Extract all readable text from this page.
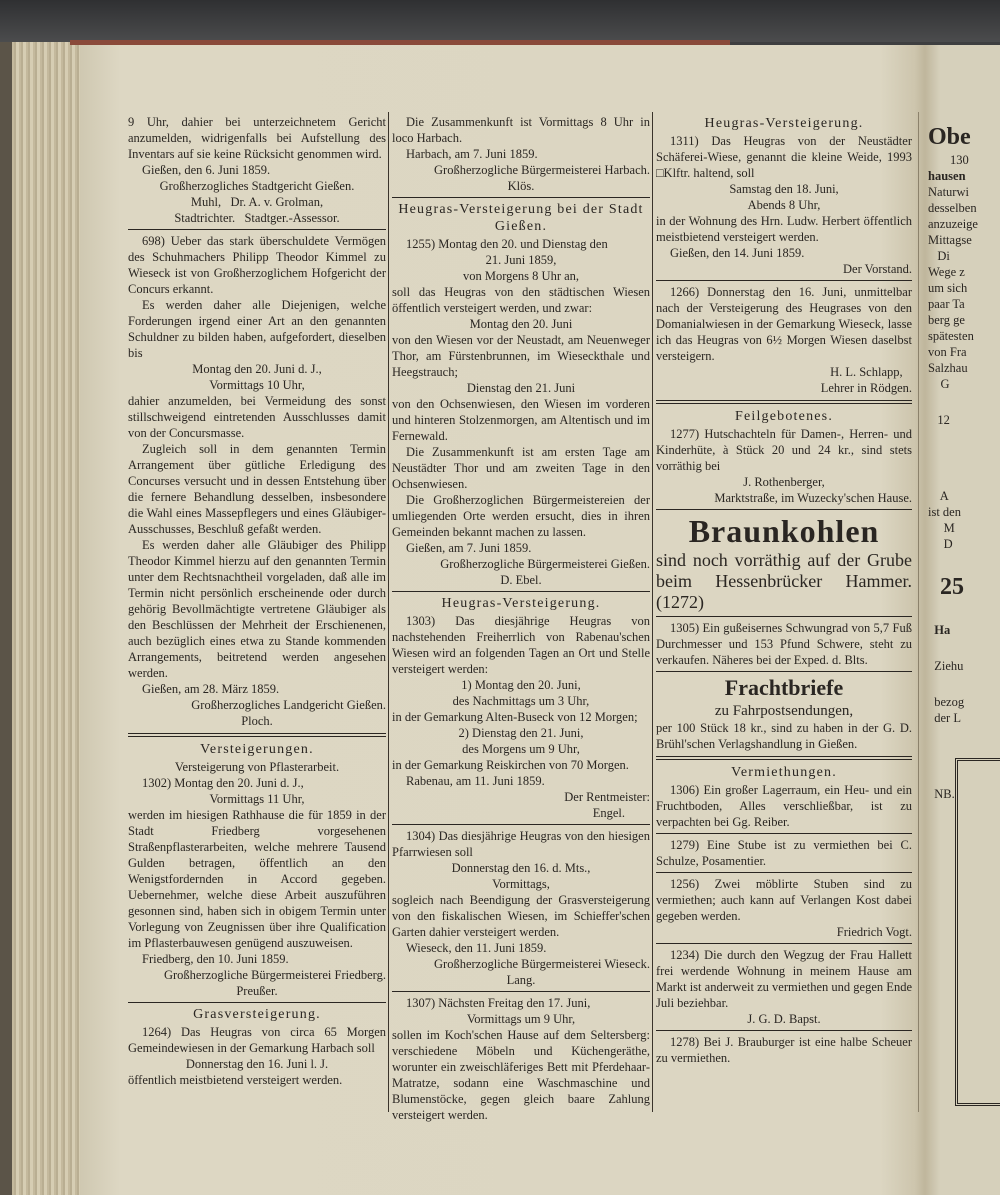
9 Uhr, dahier bei unterzeichnetem Gericht anzumelden, widrigenfalls bei Aufstellung des Inventars auf sie keine Rücksicht genommen wird.
Gießen, den 6. Juni 1859.
Großherzogliches Stadtgericht Gießen.
Muhl,   Dr. A. v. Grolman,
Stadtrichter.   Stadtger.-Assessor.
698) Ueber das stark überschuldete Vermögen des Schuhmachers Philipp Theodor Kimmel zu Wieseck ist von Großherzoglichem Hofgericht der Concurs erkannt.
Es werden daher alle Diejenigen, welche Forderungen irgend einer Art an den genannten Schuldner zu bilden haben, aufgefordert, dieselben bis
Montag den 20. Juni d. J.,
Vormittags 10 Uhr,
dahier anzumelden, bei Vermeidung des sonst stillschweigend eintretenden Ausschlusses damit von der Concursmasse.
Zugleich soll in dem genannten Termin Arrangement über gütliche Erledigung des Concurses versucht und in dessen Entstehung über die fernere Behandlung desselben, insbesondere die Wahl eines Massepflegers und eines Gläubiger-Ausschusses, Beschluß gefaßt werden.
Es werden daher alle Gläubiger des Philipp Theodor Kimmel hierzu auf den genannten Termin unter dem Rechtsnachtheil vorgeladen, daß alle im Termin nicht persönlich erscheinende oder durch gehörig Bevollmächtigte vertretene Gläubiger als den Beschlüssen der Mehrheit der Erschienenen, auch bezüglich eines etwa zu Stande kommenden Arrangements, beitretend werden angesehen werden.
Gießen, am 28. März 1859.
Großherzogliches Landgericht Gießen.
Ploch.
Versteigerungen.
Versteigerung von Pflasterarbeit.
1302) Montag den 20. Juni d. J.,
Vormittags 11 Uhr,
werden im hiesigen Rathhause die für 1859 in der Stadt Friedberg vorgesehenen Straßenpflasterarbeiten, welche mehrere Tausend Gulden betragen, öffentlich an den Wenigstfordernden in Accord gegeben. Uebernehmer, welche diese Arbeit auszuführen gesonnen sind, haben sich in obigem Termin unter Vorlegung von Zeugnissen über ihre Qualification im Pflasterbauwesen genügend auszuweisen.
Friedberg, den 10. Juni 1859.
Großherzogliche Bürgermeisterei Friedberg.
Preußer.
Grasversteigerung.
1264) Das Heugras von circa 65 Morgen Gemeindewiesen in der Gemarkung Harbach soll
Donnerstag den 16. Juni l. J.
öffentlich meistbietend versteigert werden.
Die Zusammenkunft ist Vormittags 8 Uhr in loco Harbach.
Harbach, am 7. Juni 1859.
Großherzogliche Bürgermeisterei Harbach.
Klös.
Heugras-Versteigerung bei der Stadt Gießen.
1255) Montag den 20. und Dienstag den
21. Juni 1859,
von Morgens 8 Uhr an,
soll das Heugras von den städtischen Wiesen öffentlich versteigert werden, und zwar:
Montag den 20. Juni
von den Wiesen vor der Neustadt, am Neuenweger Thor, am Fürstenbrunnen, im Wieseckthale und Heegstrauch;
Dienstag den 21. Juni
von den Ochsenwiesen, den Wiesen im vorderen und hinteren Stolzenmorgen, am Altentisch und im Fernewald.
Die Zusammenkunft ist am ersten Tage am Neustädter Thor und am zweiten Tage in den Ochsenwiesen.
Die Großherzoglichen Bürgermeistereien der umliegenden Orte werden ersucht, dies in ihren Gemeinden bekannt machen zu lassen.
Gießen, am 7. Juni 1859.
Großherzogliche Bürgermeisterei Gießen.
D. Ebel.
Heugras-Versteigerung.
1303) Das diesjährige Heugras von nachstehenden Freiherrlich von Rabenau'schen Wiesen wird an folgenden Tagen an Ort und Stelle versteigert werden:
1) Montag den 20. Juni,
des Nachmittags um 3 Uhr,
in der Gemarkung Alten-Buseck von 12 Morgen;
2) Dienstag den 21. Juni,
des Morgens um 9 Uhr,
in der Gemarkung Reiskirchen von 70 Morgen.
Rabenau, am 11. Juni 1859.
Der Rentmeister:
Engel.
1304) Das diesjährige Heugras von den hiesigen Pfarrwiesen soll
Donnerstag den 16. d. Mts.,
Vormittags,
sogleich nach Beendigung der Grasversteigerung von den fiskalischen Wiesen, im Schieffer'schen Garten dahier versteigert werden.
Wieseck, den 11. Juni 1859.
Großherzogliche Bürgermeisterei Wieseck.
Lang.
1307) Nächsten Freitag den 17. Juni,
Vormittags um 9 Uhr,
sollen im Koch'schen Hause auf dem Seltersberg: verschiedene Möbeln und Küchengeräthe, worunter ein zweischläferiges Bett mit Pferdehaar-Matratze, sodann eine Waschmaschine und Blumenstöcke, gegen gleich baare Zahlung versteigert werden.
Heugras-Versteigerung.
1311) Das Heugras von der Neustädter Schäferei-Wiese, genannt die kleine Weide, 1993 □Klftr. haltend, soll
Samstag den 18. Juni,
Abends 8 Uhr,
in der Wohnung des Hrn. Ludw. Herbert öffentlich meistbietend versteigert werden.
Gießen, den 14. Juni 1859.
Der Vorstand.
1266) Donnerstag den 16. Juni, unmittelbar nach der Versteigerung des Heugrases von den Domanialwiesen in der Gemarkung Wieseck, lasse ich das Heugras von 6½ Morgen Wiesen daselbst versteigern.
H. L. Schlapp,
Lehrer in Rödgen.
Feilgebotenes.
1277) Hutschachteln für Damen-, Herren- und Kinderhüte, à Stück 20 und 24 kr., sind stets vorräthig bei
J. Rothenberger,
Marktstraße, im Wuzecky'schen Hause.
Braunkohlen
sind noch vorräthig auf der Grube beim Hessenbrücker Hammer. (1272)
1305) Ein gußeisernes Schwungrad von 5,7 Fuß Durchmesser und 153 Pfund Schwere, steht zu verkaufen. Näheres bei der Exped. d. Blts.
Frachtbriefe
zu Fahrpostsendungen,
per 100 Stück 18 kr., sind zu haben in der G. D. Brühl'schen Verlagshandlung in Gießen.
Vermiethungen.
1306) Ein großer Lagerraum, ein Heu- und ein Fruchtboden, Alles verschließbar, ist zu verpachten bei Gg. Reiber.
1279) Eine Stube ist zu vermiethen bei C. Schulze, Posamentier.
1256) Zwei möblirte Stuben sind zu vermiethen; auch kann auf Verlangen Kost dabei gegeben werden.
Friedrich Vogt.
1234) Die durch den Wegzug der Frau Hallett frei werdende Wohnung in meinem Hause am Markt ist anderweit zu vermiethen und gegen Ende Juli beziehbar.
J. G. D. Bapst.
1278) Bei J. Brauburger ist eine halbe Scheuer zu vermiethen.
Obe
130
hausen
Naturwi
desselben
anzuzeige
Mittagse
Di
Wege z
um sich
paar Ta
berg ge
spätesten
von Fra
Salzhau
G
12
A
ist den
M
D
25
Ha
Ziehu
bezog
der L
NB.
